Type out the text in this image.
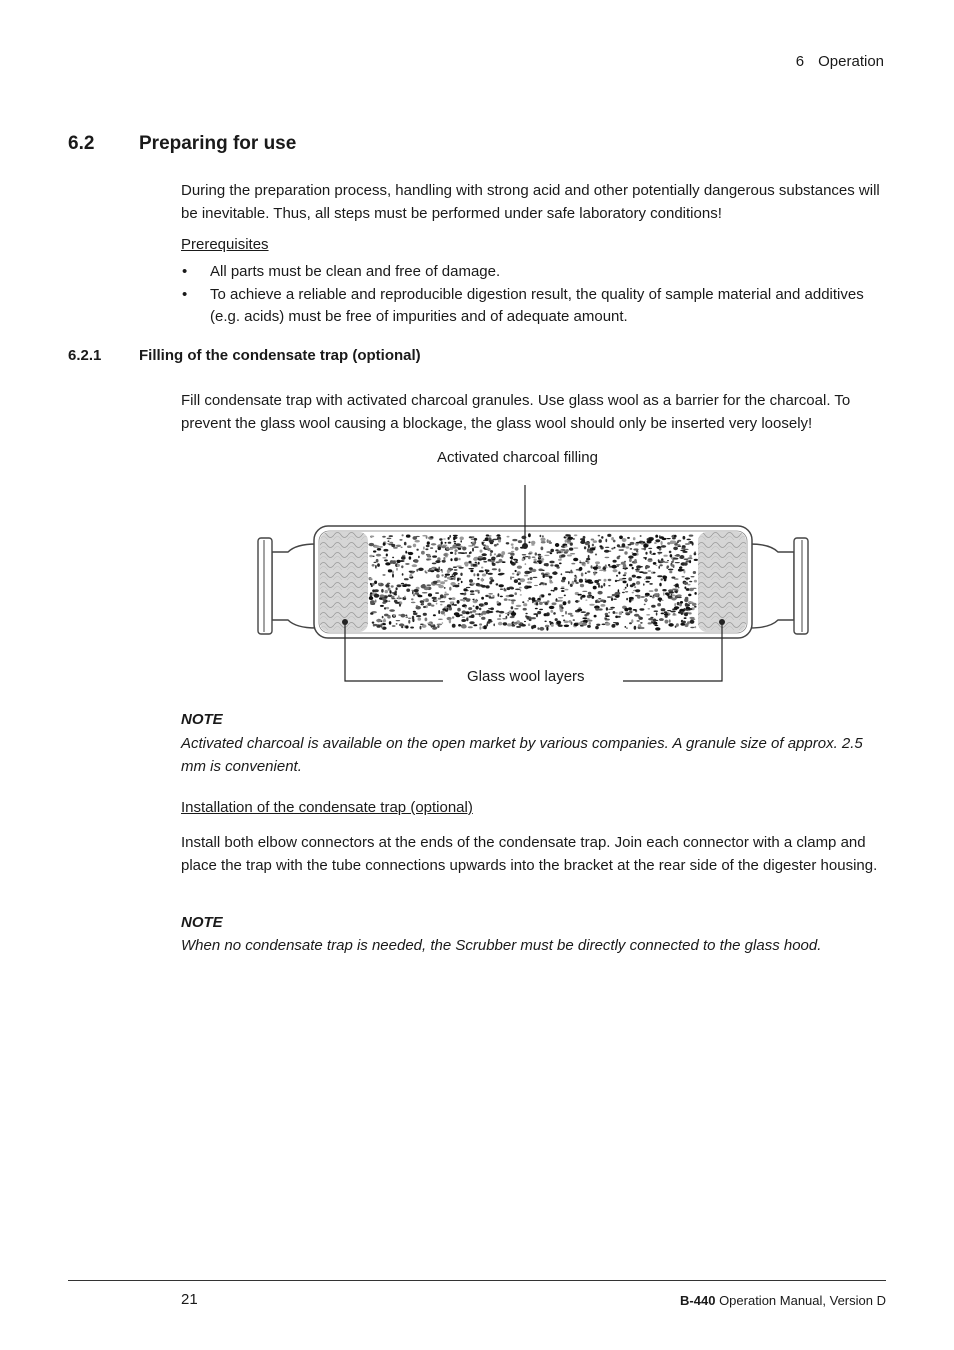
6 Operation
6.2 Preparing for use
During the preparation process, handling with strong acid and other potentially dangerous substances will be inevitable. Thus, all steps must be performed under safe laboratory conditions!
Prerequisites
• All parts must be clean and free of damage.
• To achieve a reliable and reproducible digestion result, the quality of sample material and additives (e.g. acids) must be free of impurities and of adequate amount.
6.2.1	Filling of the condensate trap (optional)
Fill condensate trap with activated charcoal granules. Use glass wool as a barrier for the charcoal. To prevent the glass wool causing a blockage, the glass wool should only be inserted very loosely!
Activated charcoal filling
Glass wool layers
NOTE
Activated charcoal is available on the open market by various companies. A granule size of approx. 2.5 mm is convenient.
Installation of the condensate trap (optional)
Install both elbow connectors at the ends of the condensate trap. Join each connector with a clamp and place the trap with the tube connections upwards into the bracket at the rear side of the digester housing.
NOTE
When no condensate trap is needed, the Scrubber must be directly connected to the glass hood.
21	B-440 Operation Manual, Version D
